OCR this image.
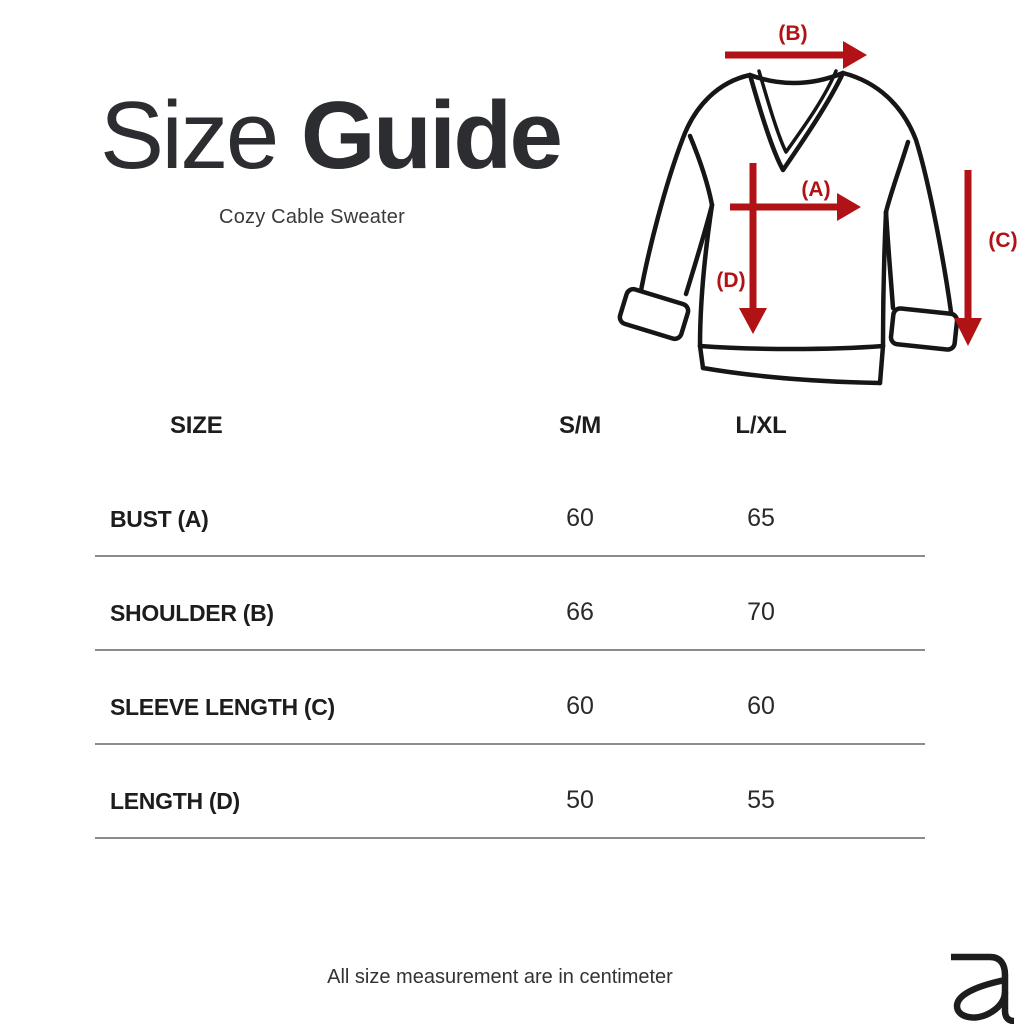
Size Guide
Cozy Cable Sweater
(B)
(D)
(A)
(C)
SIZE	S/M	L/XL
BUST (A)	60	65
SHOULDER (B)	66	70
SLEEVE LENGTH (C)	60	60
LENGTH (D)	50	55
All size measurement are in centimeter
